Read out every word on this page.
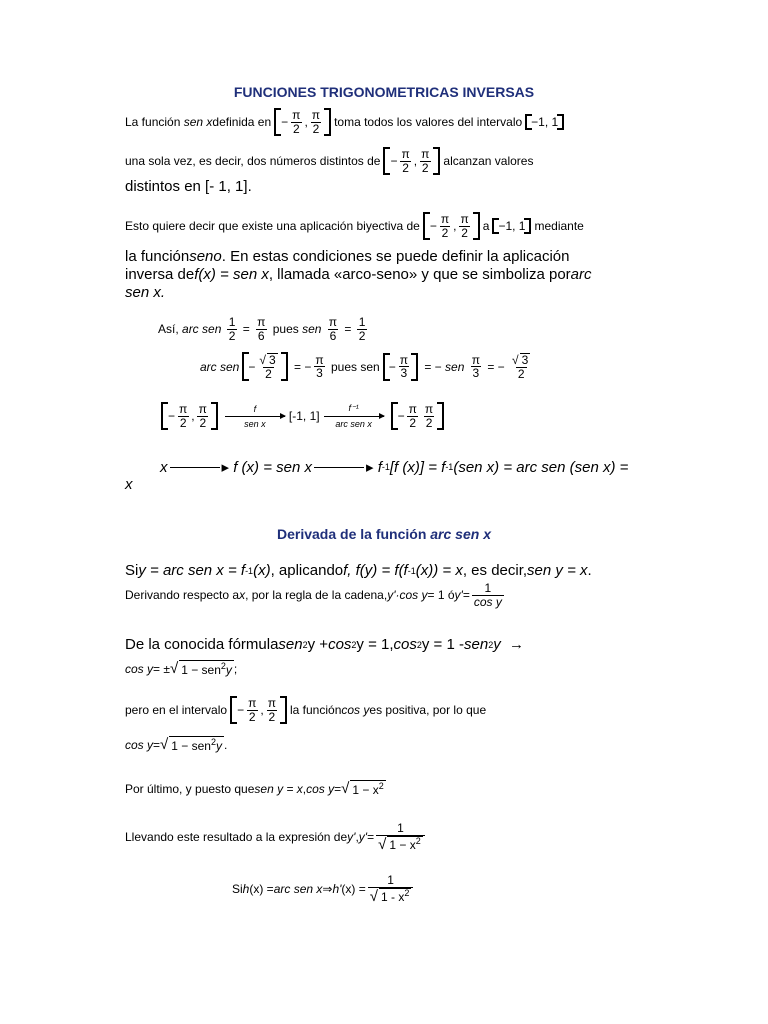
FUNCIONES TRIGONOMETRICAS INVERSAS
La función
sen x definida en − $\frac{\pi}{2}$ , $\frac{\pi}{2}$ toma todos los valores del intervalo −1, 1
una sola vez, es decir, dos números distintos de − $\frac{\pi}{2}$ , $\frac{\pi}{2}$ alcanzan valores
distintos en [- 1, 1].
Esto quiere decir que existe una aplicación biyectiva de − $\frac{\pi}{2}$ , $\frac{\pi}{2}$ a −1, 1 mediante
la función seno . En estas condiciones se puede definir la aplicación
inversa de f(x) = sen x , llamada «arco-seno» y que se simboliza por arc
sen x.
Así,
arc sen
$\frac{1}{2} = \frac{\pi}{6}$
pues
sen
$\frac{\pi}{6} = \frac{1}{2}$
arc sen − $\frac{√ 3}{2}$ = − $\frac{\pi}{3}$
pues sen − $\frac{\pi}{3}$ = − sen
$\frac{\pi}{3}$ = − $\frac{√ 3}{2}$
− $\frac{\pi}{2}$ , $\frac{\pi}{2}$	f
sen x
[-1, 1]
f⁻¹
arc sen x
− $\frac{\pi}{2} \frac{\pi}{2}$
x	▸ f (x) = sen x	▸ f -1 [f (x)] = f -1 (sen x) = arc sen (sen x) =
x
Derivada de la función arc sen x
Si y = arc sen x = f -1 (x) , aplicando f, f(y) = f(f -1 (x)) = x , es decir, sen y = x .
Derivando respecto a x , por la regla de la cadena, y'·cos y = 1 ó $y' = \frac{1}{\text{cos y}}$
De la conocida fórmula sen 2 y + cos 2 y = 1, cos 2 y = 1 - sen 2 y
→
cos y = ± √ 1 − sen$^2$y ;
pero en el intervalo − $\frac{\pi}{2}$ , $\frac{\pi}{2}$ la función cos y es positiva, por lo que
cos y = √ 1 − sen$^2$y .
Por último, y puesto que sen y = x , cos y = √ $1 - x^2$
Llevando este resultado a la expresión de y' , $y' = \frac{1}{√ 1 - x^2}$
Si h (x) = arc sen x ⇒ h' $(x) = \frac{1}{√ 1 - x^2}$
